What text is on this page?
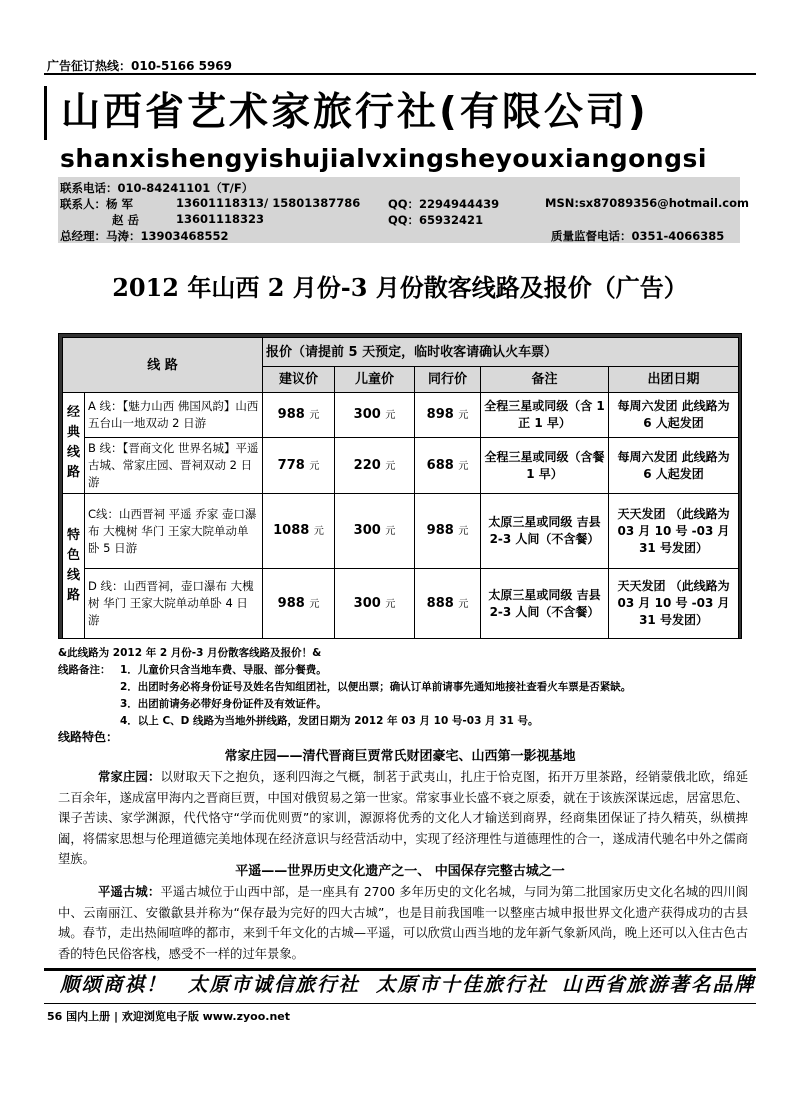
广告征订热线：010-5166 5969
山西省艺术家旅行社(有限公司)
shanxishengyishujialvxingsheyouxiangongsi
联系电话：010-84241101（T/F）
联系人：杨 军	13601118313/ 15801387786 QQ：2294944439	MSN:sx87089356@hotmail.com
赵 岳	13601118323	QQ：65932421
总经理：马涛：13903468552	质量监督电话：0351-4066385
2012 年山西 2 月份-3 月份散客线路及报价（广告）
线 路		报价（请提前 5 天预定，临时收客请确认火车票）				
		建议价	儿童价	同行价	备注	出团日期
经典线路	A 线：【魅力山西 佛国风韵】山西五台山一地双动 2 日游	988 元	300 元	898 元	全程三星或同级（含 1 正 1 早）	每周六发团 此线路为 6 人起发团
	B 线：【晋商文化 世界名城】平遥古城、常家庄园、晋祠双动 2 日游	778 元	220 元	688 元	全程三星或同级（含餐 1 早）	每周六发团 此线路为 6 人起发团
特色线路	C线：山西晋祠 平遥 乔家 壶口瀑布 大槐树 华门 王家大院单动单卧 5 日游	1088 元	300 元	988 元	太原三星或同级 吉县 2-3 人间（不含餐）	天天发团 （此线路为 03 月 10 号 -03 月 31 号发团）
	D 线：山西晋祠，壶口瀑布 大槐树 华门 王家大院单动单卧 4 日游	988 元	300 元	888 元	太原三星或同级 吉县 2-3 人间（不含餐）	天天发团 （此线路为 03 月 10 号 -03 月 31 号发团）
&此线路为 2012 年 2 月份-3 月份散客线路及报价！&
线路备注： 1．儿童价只含当地车费、导服、部分餐费。
2．出团时务必将身份证号及姓名告知组团社，以便出票；确认订单前请事先通知地接社查看火车票是否紧缺。
3．出团前请务必带好身份证件及有效证件。
4．以上 C、D 线路为当地外拼线路，发团日期为 2012 年 03 月 10 号-03 月 31 号。
线路特色：
常家庄园——清代晋商巨贾常氏财团豪宅、山西第一影视基地
常家庄园：以财取天下之抱负，逐利四海之气概，制茗于武夷山，扎庄于恰克图，拓开万里茶路，经销蒙俄北欧，绵延二百余年，遂成富甲海内之晋商巨贾，中国对俄贸易之第一世家。常家事业长盛不衰之原委，就在于该族深谋远虑，居富思危、课子苦读、家学渊源，代代恪守“学而优则贾”的家训，源源将优秀的文化人才输送到商界，经商集团保证了持久精英，纵横捭阖，将儒家思想与伦理道德完美地体现在经济意识与经营活动中，实现了经济理性与道德理性的合一，遂成清代驰名中外之儒商望族。
平遥——世界历史文化遗产之一、 中国保存完整古城之一
平遥古城：平遥古城位于山西中部，是一座具有 2700 多年历史的文化名城，与同为第二批国家历史文化名城的四川阆中、云南丽江、安徽歙县并称为“保存最为完好的四大古城”，也是目前我国唯一以整座古城申报世界文化遗产获得成功的古县城。春节，走出热闹喧哗的都市，来到千年文化的古城—平遥，可以欣赏山西当地的龙年新气象新风尚，晚上还可以入住古色古香的特色民俗客栈，感受不一样的过年景象。
顺颂商祺！ 太原市诚信旅行社 太原市十佳旅行社 山西省旅游著名品牌
56 国内上册 | 欢迎浏览电子版 www.zyoo.net
